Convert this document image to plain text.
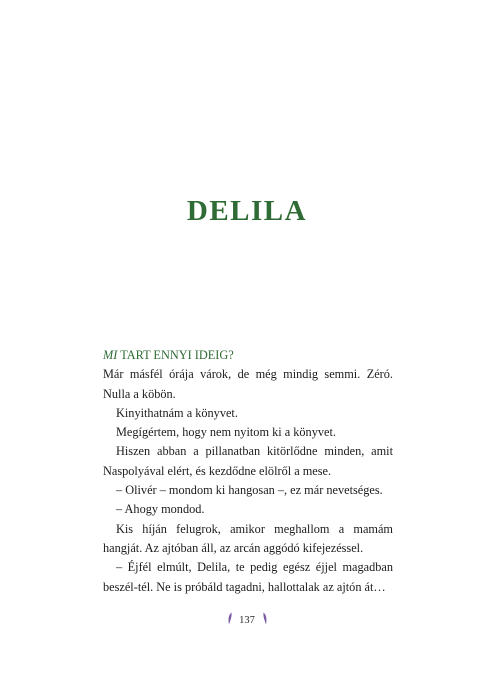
DELILA

MI TART ENNYI IDEIG?

Már másfél órája várok, de még mindig semmi. Zéró. Nulla a köbön.

Kinyithatnám a könyvet.

Megígértem, hogy nem nyitom ki a könyvet.

Hiszen abban a pillanatban kitörlődne minden, amit Naspolyával elért, és kezdődne elölről a mese.

– Olivér – mondom ki hangosan –, ez már nevetséges.

– Ahogy mondod.

Kis híján felugrok, amikor meghallom a mamám hangját. Az ajtóban áll, az arcán aggódó kifejezéssel.

– Éjfél elmúlt, Delila, te pedig egész éjjel magadban beszél-tél. Ne is próbáld tagadni, hallottalak az ajtón át…

137
